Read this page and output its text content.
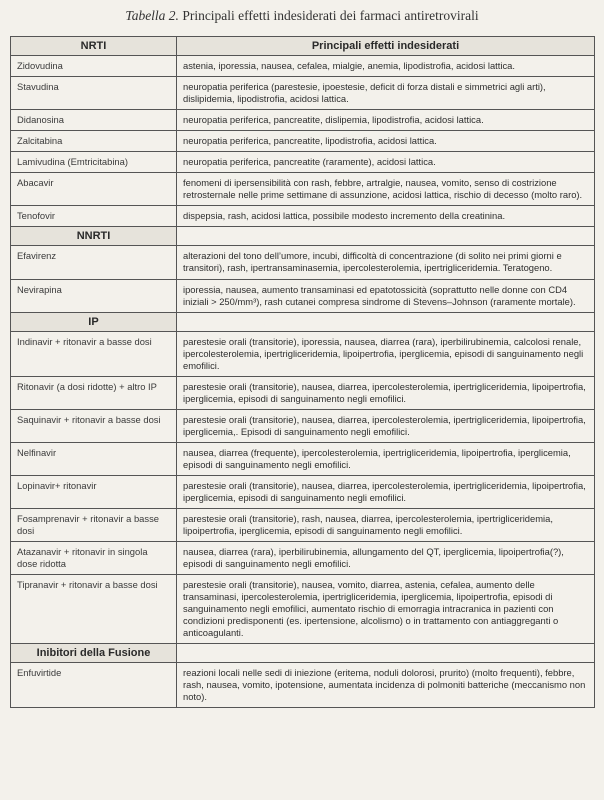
Tabella 2. Principali effetti indesiderati dei farmaci antiretrovirali
NRTI	Principali effetti indesiderati
Zidovudina	astenia, iporessia, nausea, cefalea, mialgie, anemia, lipodistrofia, acidosi lattica.
Stavudina	neuropatia periferica (parestesie, ipoestesie, deficit di forza distali e simmetrici agli arti), dislipidemia, lipodistrofia, acidosi lattica.
Didanosina	neuropatia periferica, pancreatite, dislipemia, lipodistrofia, acidosi lattica.
Zalcitabina	neuropatia periferica, pancreatite, lipodistrofia, acidosi lattica.
Lamivudina (Emtricitabina)	neuropatia periferica, pancreatite (raramente), acidosi lattica.
Abacavir	fenomeni di ipersensibilità con rash, febbre, artralgie, nausea, vomito, senso di costrizione retrosternale nelle prime settimane di assunzione, acidosi lattica, rischio di decesso (molto raro).
Tenofovir	dispepsia, rash, acidosi lattica, possibile modesto incremento della creatinina.
NNRTI	
Efavirenz	alterazioni del tono dell’umore, incubi, difficoltà di concentrazione (di solito nei primi giorni e transitori), rash, ipertransaminasemia, ipercolesterolemia, ipertrigliceridemia. Teratogeno.
Nevirapina	iporessia, nausea, aumento transaminasi ed epatotossicità (soprattutto nelle donne con CD4 iniziali > 250/mm³), rash cutanei compresa sindrome di Stevens–Johnson (raramente mortale).
IP	
Indinavir + ritonavir a basse dosi	parestesie orali (transitorie), iporessia, nausea, diarrea (rara), iperbilirubinemia, calcolosi renale, ipercolesterolemia, ipertrigliceridemia, lipoipertrofia, iperglicemia, episodi di sanguinamento negli emofilici.
Ritonavir (a dosi ridotte) + altro IP	parestesie orali (transitorie), nausea, diarrea, ipercolesterolemia, ipertrigliceridemia, lipoipertrofia, iperglicemia, episodi di sanguinamento negli emofilici.
Saquinavir + ritonavir a basse dosi	parestesie orali (transitorie), nausea, diarrea, ipercolesterolemia, ipertrigliceridemia, lipoipertrofia, iperglicemia,. Episodi di sanguinamento negli emofilici.
Nelfinavir	nausea, diarrea (frequente), ipercolesterolemia, ipertrigliceridemia, lipoipertrofia, iperglicemia, episodi di sanguinamento negli emofilici.
Lopinavir+ ritonavir	parestesie orali (transitorie), nausea, diarrea, ipercolesterolemia, ipertrigliceridemia, lipoipertrofia, iperglicemia, episodi di sanguinamento negli emofilici.
Fosamprenavir + ritonavir a basse dosi	parestesie orali (transitorie), rash, nausea, diarrea, ipercolesterolemia, ipertrigliceridemia, lipoipertrofia, iperglicemia, episodi di sanguinamento negli emofilici.
Atazanavir + ritonavir in singola dose ridotta	nausea, diarrea (rara), iperbilirubinemia, allungamento del QT, iperglicemia, lipoipertrofia(?), episodi di sanguinamento negli emofilici.
Tipranavir + ritonavir a basse dosi	parestesie orali (transitorie), nausea, vomito, diarrea, astenia, cefalea, aumento delle transaminasi, ipercolesterolemia, ipertrigliceridemia, iperglicemia, lipoipertrofia, episodi di sanguinamento negli emofilici, aumentato rischio di emorragia intracranica in pazienti con condizioni predisponenti (es. ipertensione, alcolismo) o in trattamento con antiaggreganti o anticoagulanti.
Inibitori della Fusione	
Enfuvirtide	reazioni locali nelle sedi di iniezione (eritema, noduli dolorosi, prurito) (molto frequenti), febbre, rash, nausea, vomito, ipotensione, aumentata incidenza di polmoniti batteriche (meccanismo non noto).
